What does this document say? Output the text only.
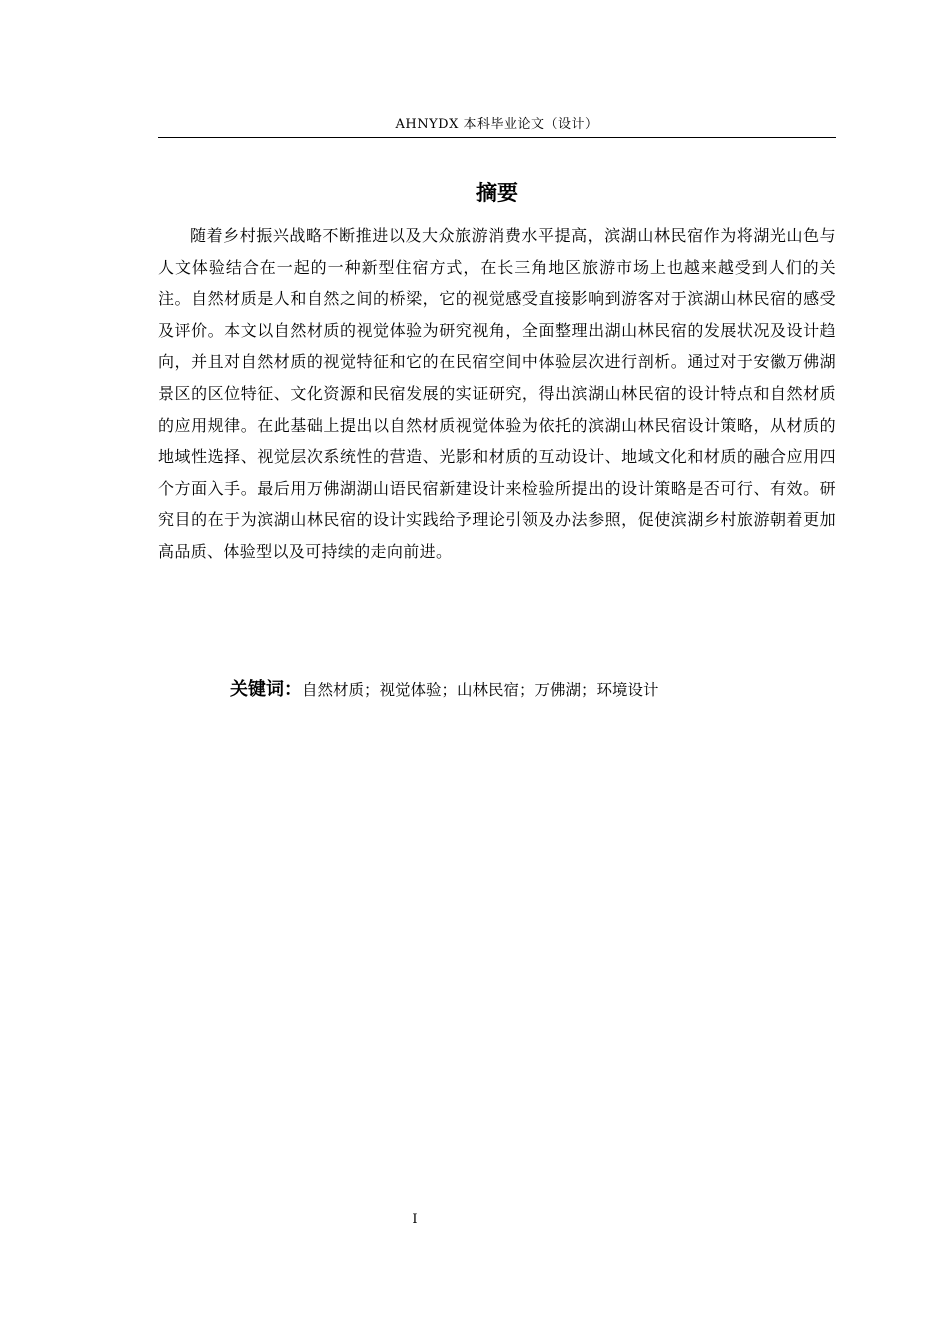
AHNYDX 本科毕业论文（设计）
摘要

随着乡村振兴战略不断推进以及大众旅游消费水平提高，滨湖山林民宿作为将湖光山色与人文体验结合在一起的一种新型住宿方式，在长三角地区旅游市场上也越来越受到人们的关注。自然材质是人和自然之间的桥梁，它的视觉感受直接影响到游客对于滨湖山林民宿的感受及评价。本文以自然材质的视觉体验为研究视角，全面整理出湖山林民宿的发展状况及设计趋向，并且对自然材质的视觉特征和它的在民宿空间中体验层次进行剖析。通过对于安徽万佛湖景区的区位特征、文化资源和民宿发展的实证研究，得出滨湖山林民宿的设计特点和自然材质的应用规律。在此基础上提出以自然材质视觉体验为依托的滨湖山林民宿设计策略，从材质的地域性选择、视觉层次系统性的营造、光影和材质的互动设计、地域文化和材质的融合应用四个方面入手。最后用万佛湖湖山语民宿新建设计来检验所提出的设计策略是否可行、有效。研究目的在于为滨湖山林民宿的设计实践给予理论引领及办法参照，促使滨湖乡村旅游朝着更加高品质、体验型以及可持续的走向前进。

关键词：自然材质；视觉体验；山林民宿；万佛湖；环境设计
I
